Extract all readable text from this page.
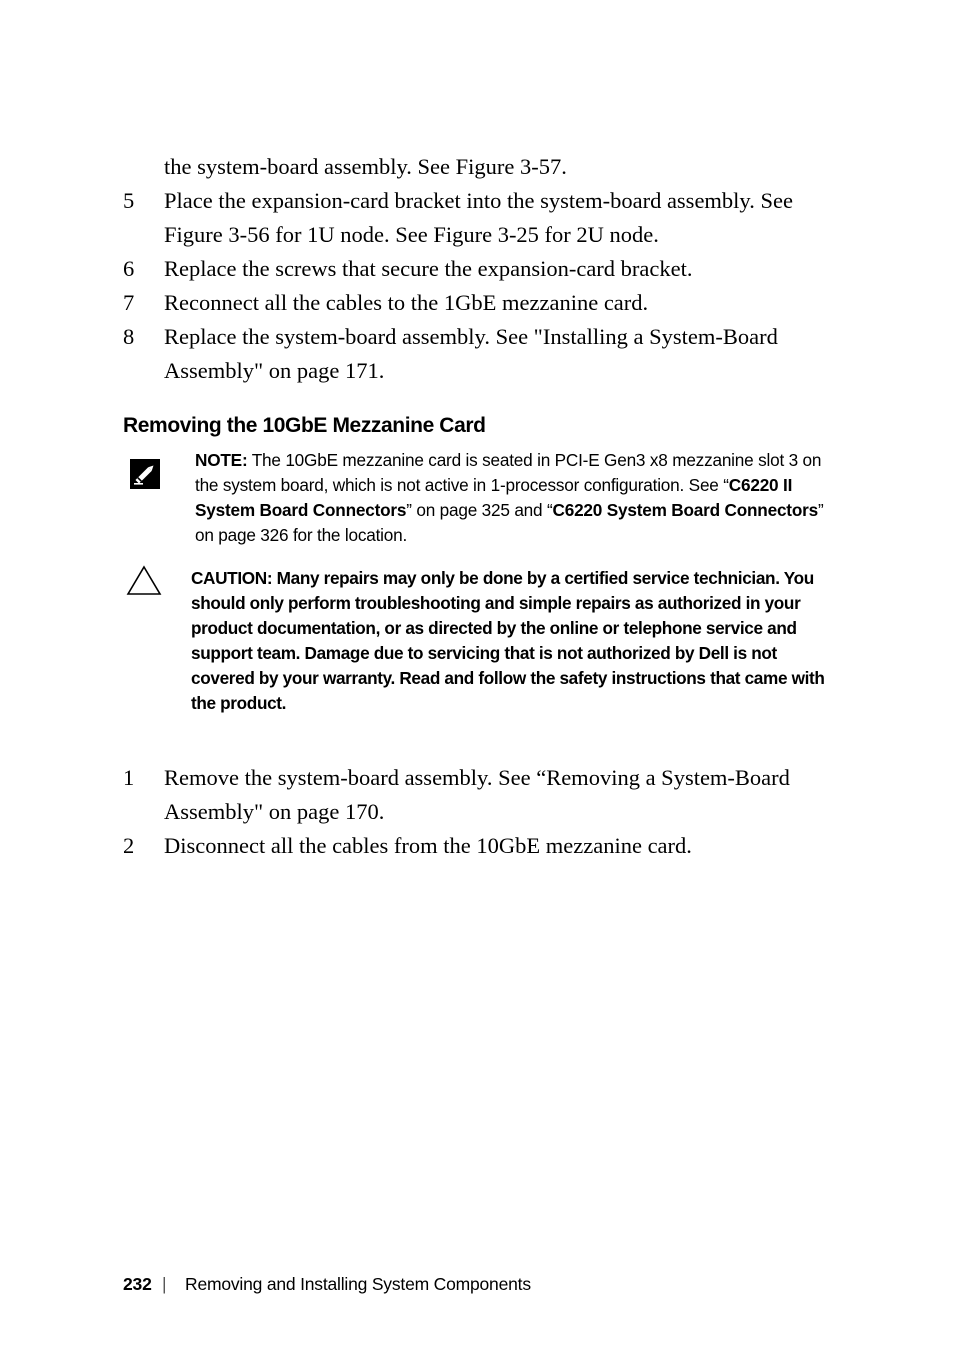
the system-board assembly. See Figure 3-57.
5	Place the expansion-card bracket into the system-board assembly. See
Figure 3-56 for 1U node. See Figure 3-25 for 2U node.
6	Replace the screws that secure the expansion-card bracket.
7	Reconnect all the cables to the 1GbE mezzanine card.
8	Replace the system-board assembly. See "Installing a System-Board
Assembly" on page 171.
Removing the 10GbE Mezzanine Card
NOTE: The 10GbE mezzanine card is seated in PCI-E Gen3 x8 mezzanine slot 3 on
the system board, which is not active in 1-processor configuration. See “C6220 II
System Board Connectors” on page 325 and “C6220 System Board Connectors”
on page 326 for the location.
CAUTION: Many repairs may only be done by a certified service technician. You
should only perform troubleshooting and simple repairs as authorized in your
product documentation, or as directed by the online or telephone service and
support team. Damage due to servicing that is not authorized by Dell is not
covered by your warranty. Read and follow the safety instructions that came with
the product.
1	Remove the system-board assembly. See “Removing a System-Board
Assembly" on page 170.
2	Disconnect all the cables from the 10GbE mezzanine card.
232 | Removing and Installing System Components
